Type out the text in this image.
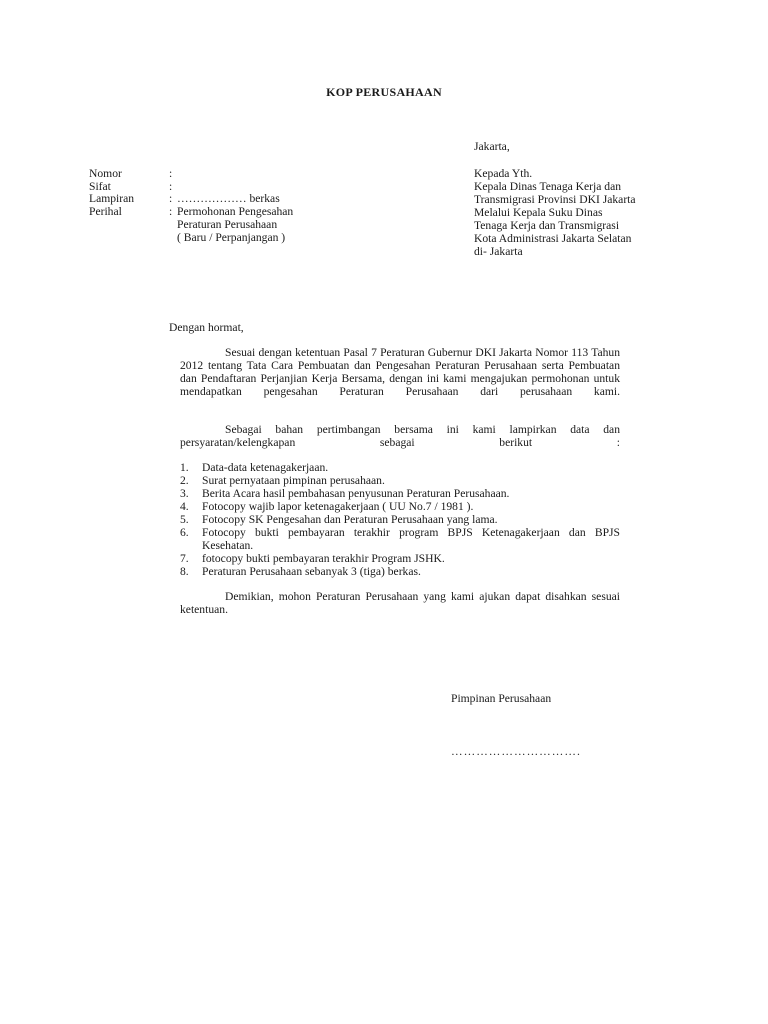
KOP PERUSAHAAN
Jakarta,
Nomor	:
Sifat	:
Lampiran	: ……………… berkas
Perihal	: Permohonan Pengesahan
Peraturan Perusahaan
( Baru / Perpanjangan )
Kepada Yth.
Kepala Dinas Tenaga Kerja dan
Transmigrasi Provinsi DKI Jakarta
Melalui Kepala Suku Dinas
Tenaga Kerja dan Transmigrasi
Kota Administrasi Jakarta Selatan
di- Jakarta
Dengan hormat,
Sesuai dengan ketentuan Pasal 7 Peraturan Gubernur DKI Jakarta Nomor 113 Tahun 2012 tentang Tata Cara Pembuatan dan Pengesahan Peraturan Perusahaan serta Pembuatan dan Pendaftaran Perjanjian Kerja Bersama, dengan ini kami mengajukan permohonan untuk mendapatkan pengesahan Peraturan Perusahaan dari perusahaan kami.
Sebagai bahan pertimbangan bersama ini kami lampirkan data dan persyaratan/kelengkapan sebagai berikut :
1. Data-data ketenagakerjaan.
2. Surat pernyataan pimpinan perusahaan.
3. Berita Acara hasil pembahasan penyusunan Peraturan Perusahaan.
4. Fotocopy wajib lapor ketenagakerjaan ( UU No.7 / 1981 ).
5. Fotocopy SK Pengesahan dan Peraturan Perusahaan yang lama.
6. Fotocopy bukti pembayaran terakhir program BPJS Ketenagakerjaan dan BPJS Kesehatan.
7. fotocopy bukti pembayaran terakhir Program JSHK.
8. Peraturan Perusahaan sebanyak 3 (tiga) berkas.
Demikian, mohon Peraturan Perusahaan yang kami ajukan dapat disahkan sesuai ketentuan.
Pimpinan Perusahaan
………………………….
